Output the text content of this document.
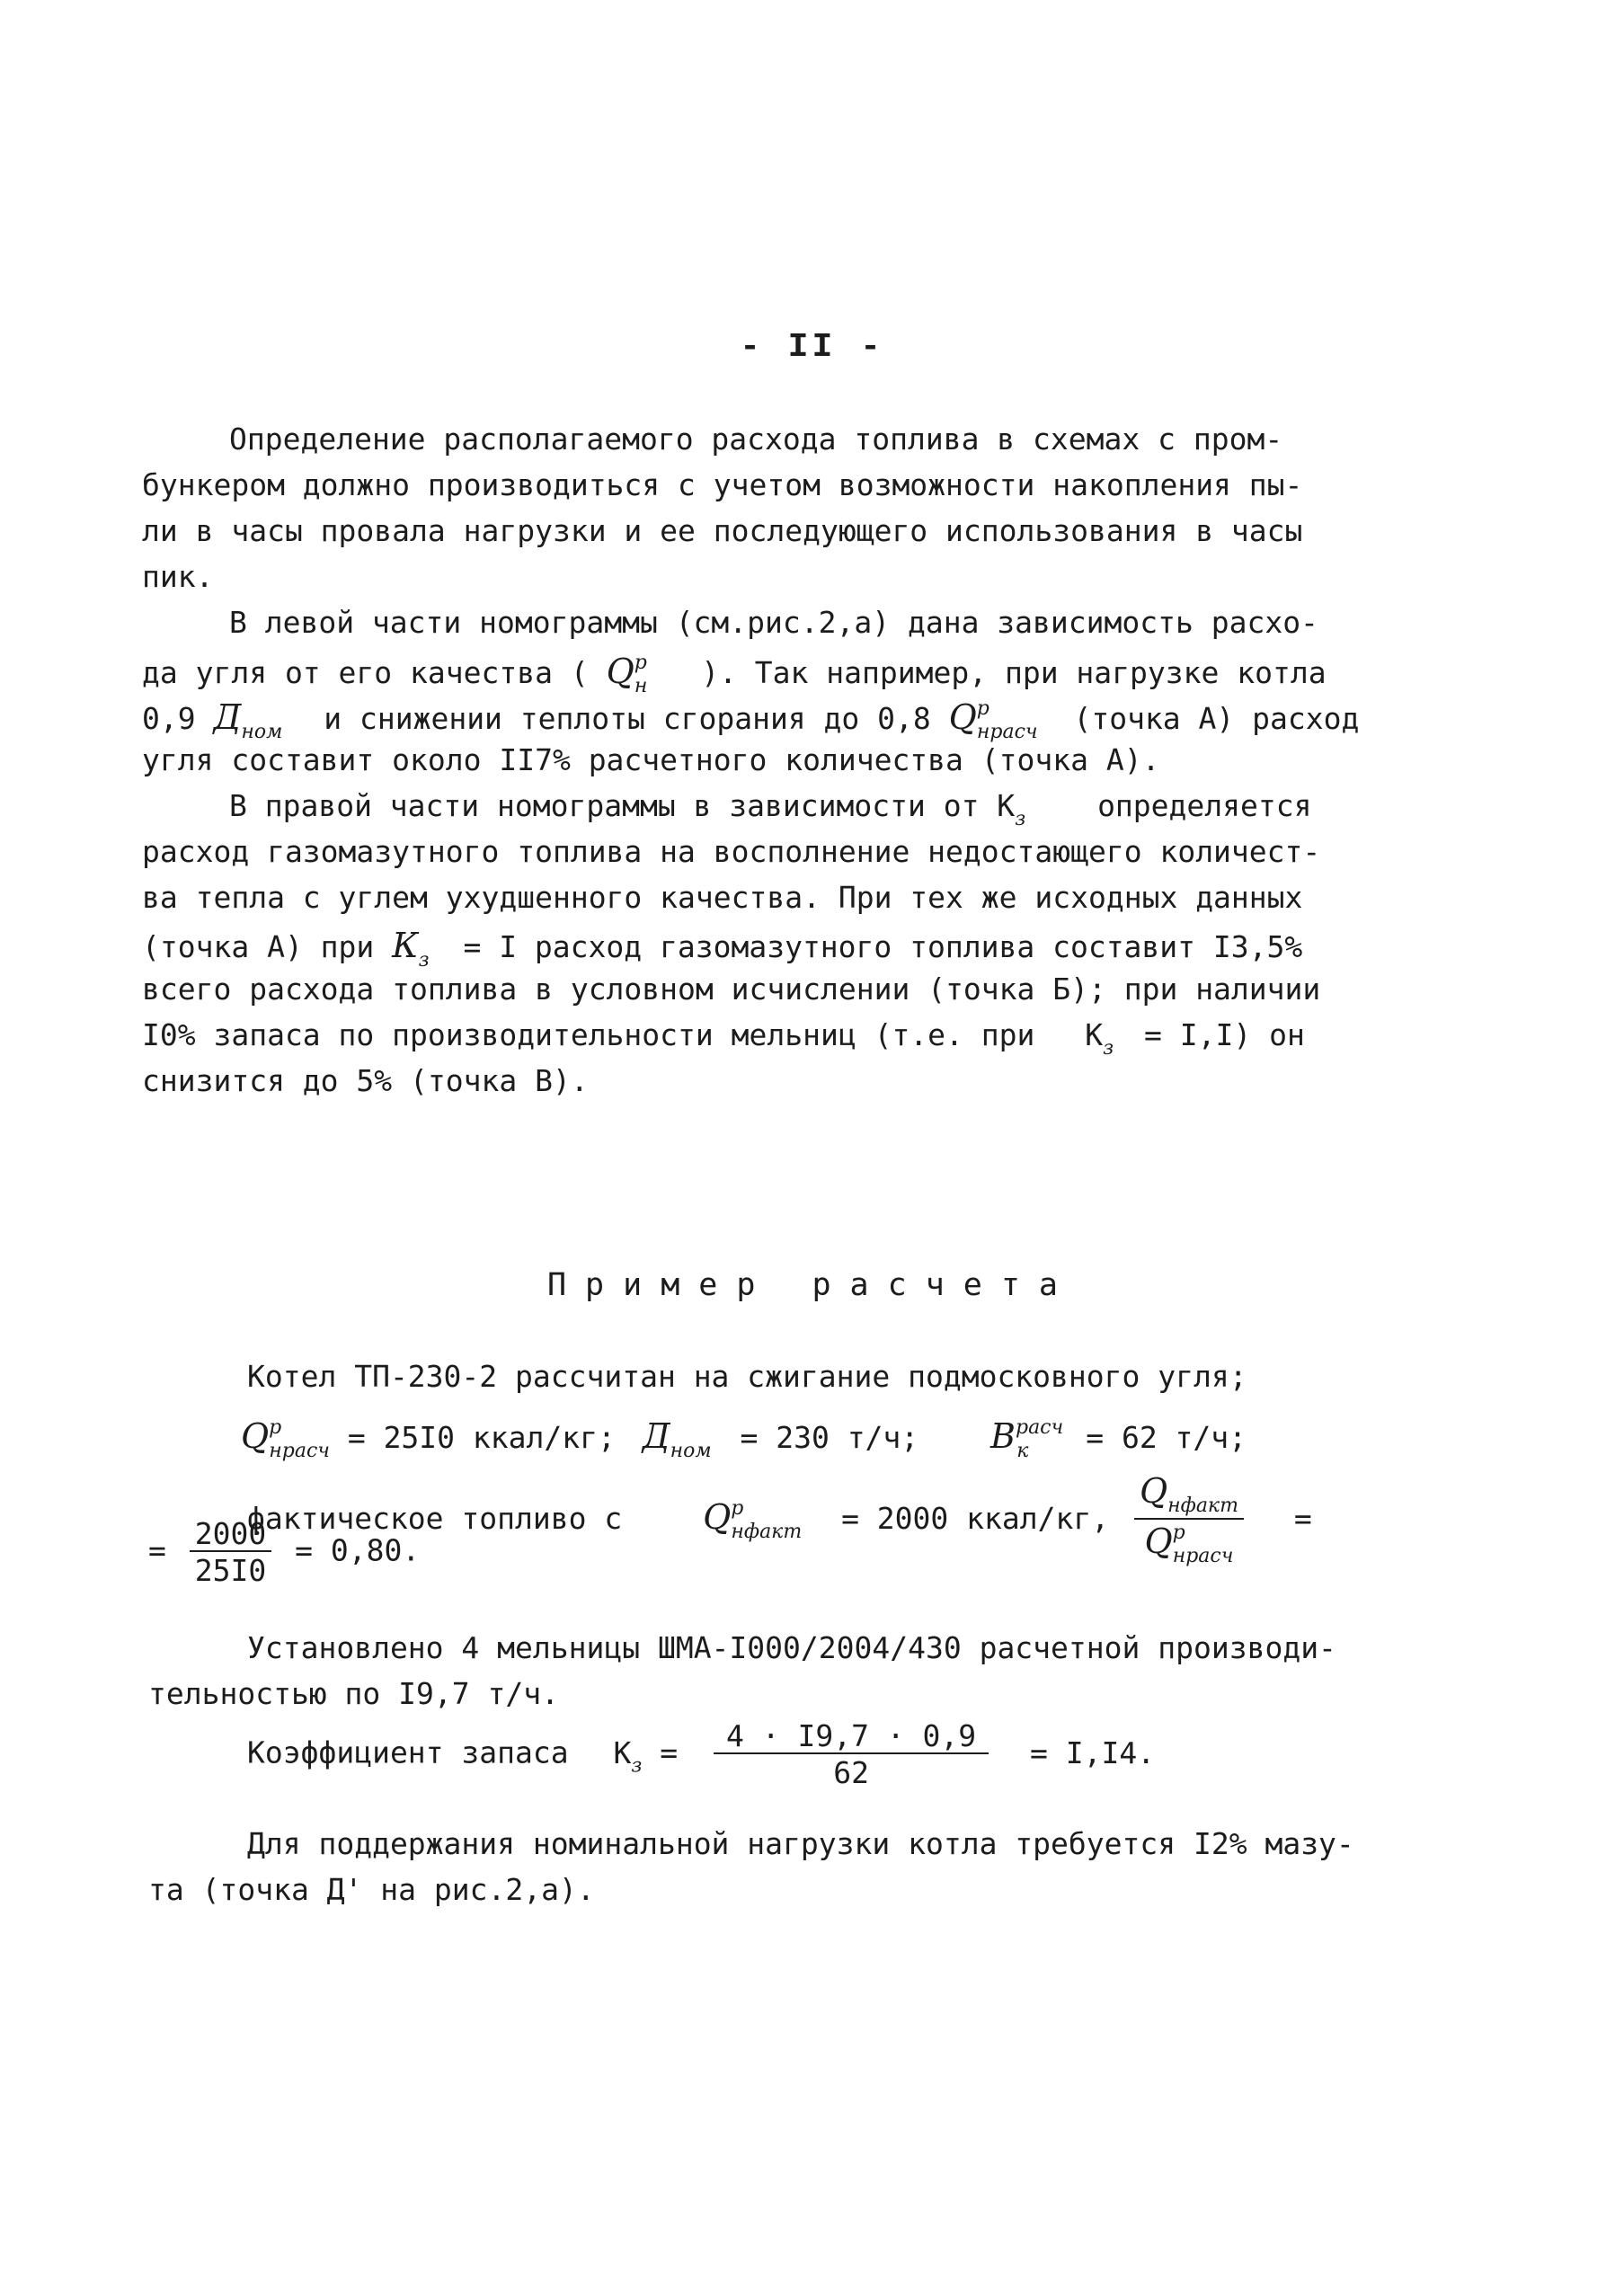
- II -
Определение располагаемого расхода топлива в схемах с пром-
бункером должно производиться с учетом возможности накопления пы-
ли в часы провала нагрузки и ее последующего использования в часы
пик.
В левой части номограммы (см.рис.2,а) дана зависимость расхо-
да угля от его качества ( $Q^р_н$ ). Так например, при нагрузке котла
0,9 $Д_{ном}$ и снижении теплоты сгорания до 0,8 $Q^р_{нрасч}$ (точка А) расход
угля составит около II7% расчетного количества (точка А).
В правой части номограммы в зависимости от $К_з$ определяется
расход газомазутного топлива на восполнение недостающего количест-
ва тепла с углем ухудшенного качества. При тех же исходных данных
(точка А) при $К_з = I$ расход газомазутного топлива составит I3,5%
всего расхода топлива в условном исчислении (точка Б); при наличии
I0% запаса по производительности мельниц (т.е. при $К_з = I,I$) он
снизится до 5% (точка В).
Пример расчета
Котел ТП-230-2 рассчитан на сжигание подмосковного угля;
$Q^р_{нрасч} = 25I0$ ккал/кг; $Д_{ном} = 230$ т/ч; $В^{расч}_к = 62$ т/ч;
фактическое топливо с $Q^р_{нфакт} = 2000$ ккал/кг, $\frac{Q_{нфакт}}{Q^р_{нрасч}}$ =
= $\frac{2000}{25I0} = 0,80$.
Установлено 4 мельницы ШМА-I000/2004/430 расчетной производи-
тельностью по I9,7 т/ч.
Коэффициент запаса $К_з = \frac{4 \cdot I9,7 \cdot 0,9}{62} = I,I4$.
Для поддержания номинальной нагрузки котла требуется I2% мазу-
та (точка Д' на рис.2,а).
